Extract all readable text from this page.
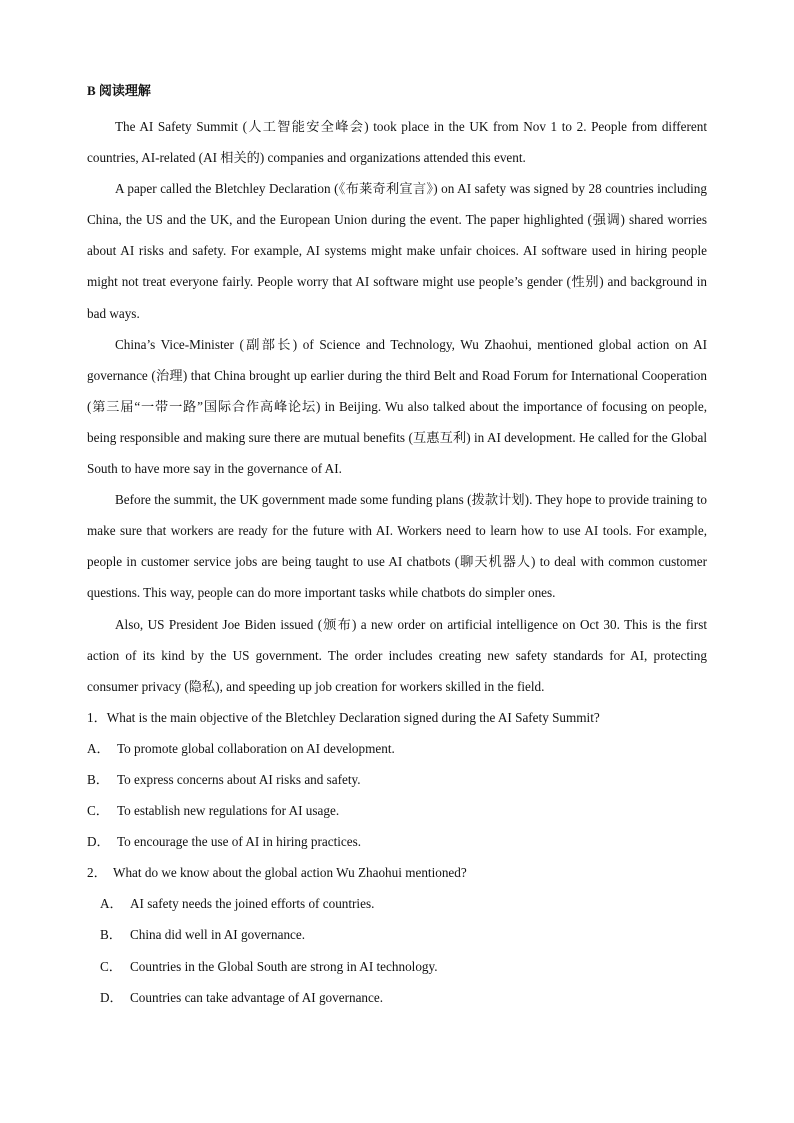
B 阅读理解

The AI Safety Summit (人工智能安全峰会) took place in the UK from Nov 1 to 2. People from different countries, AI-related (AI 相关的) companies and organizations attended this event.

A paper called the Bletchley Declaration (《布莱奇利宣言》) on AI safety was signed by 28 countries including China, the US and the UK, and the European Union during the event. The paper highlighted (强调) shared worries about AI risks and safety. For example, AI systems might make unfair choices. AI software used in hiring people might not treat everyone fairly. People worry that AI software might use people’s gender (性别) and background in bad ways.

China’s Vice-Minister (副部长) of Science and Technology, Wu Zhaohui, mentioned global action on AI governance (治理) that China brought up earlier during the third Belt and Road Forum for International Cooperation (第三届“一带一路”国际合作高峰论坛) in Beijing. Wu also talked about the importance of focusing on people, being responsible and making sure there are mutual benefits (互惠互利) in AI development. He called for the Global South to have more say in the governance of AI.

Before the summit, the UK government made some funding plans (拨款计划). They hope to provide training to make sure that workers are ready for the future with AI. Workers need to learn how to use AI tools. For example, people in customer service jobs are being taught to use AI chatbots (聊天机器人) to deal with common customer questions. This way, people can do more important tasks while chatbots do simpler ones.

Also, US President Joe Biden issued (颁布) a new order on artificial intelligence on Oct 30. This is the first action of its kind by the US government. The order includes creating new safety standards for AI, protecting consumer privacy (隐私), and speeding up job creation for workers skilled in the field.

1．What is the main objective of the Bletchley Declaration signed during the AI Safety Summit?

A． To promote global collaboration on AI development.

B． To express concerns about AI risks and safety.

C． To establish new regulations for AI usage.

D． To encourage the use of AI in hiring practices.

2． What do we know about the global action Wu Zhaohui mentioned?

A． AI safety needs the joined efforts of countries.

B． China did well in AI governance.

C． Countries in the Global South are strong in AI technology.

D． Countries can take advantage of AI governance.
